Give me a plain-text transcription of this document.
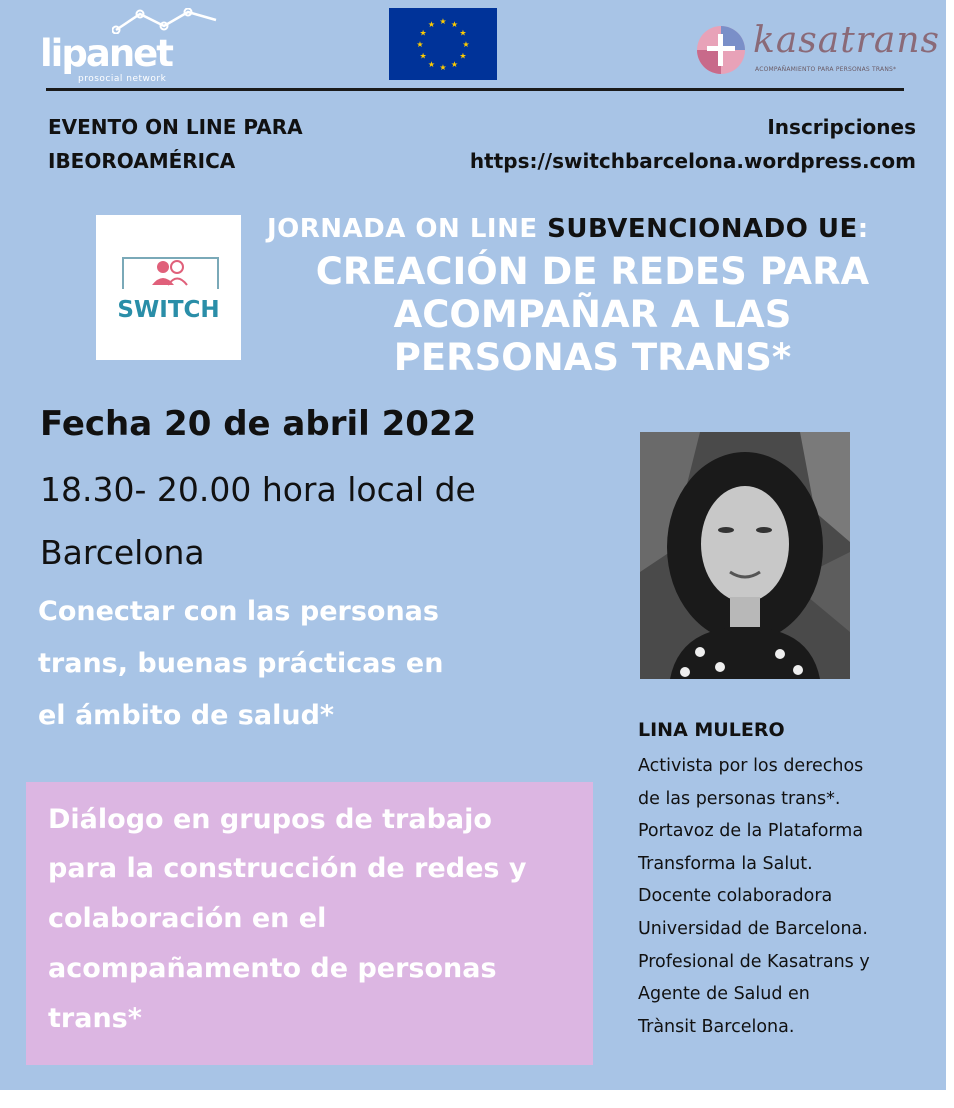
lipanet
prosocial network
★ ★
★
★
★
★
★
★
★
★
★
★	kasatrans
ACOMPAÑAMIENTO PARA PERSONAS TRANS*
EVENTO ON LINE PARA
IBEOROAMÉRICA
Inscripciones
https://switchbarcelona.wordpress.com
SWITCH
JORNADA ON LINE SUBVENCIONADO UE:
CREACIÓN DE REDES PARA
ACOMPAÑAR A LAS
PERSONAS TRANS*
Fecha 20 de abril 2022
18.30- 20.00 hora local de
Barcelona
Conectar con las personas
trans, buenas prácticas en
el ámbito de salud*
Diálogo en grupos de trabajo
para la construcción de redes y
colaboración en el
acompañamento de personas
trans*
LINA MULERO
Activista por los derechos
de las personas trans*.
Portavoz de la Plataforma
Transforma la Salut.
Docente colaboradora
Universidad de Barcelona.
Profesional de Kasatrans y
Agente de Salud en
Trànsit Barcelona.
